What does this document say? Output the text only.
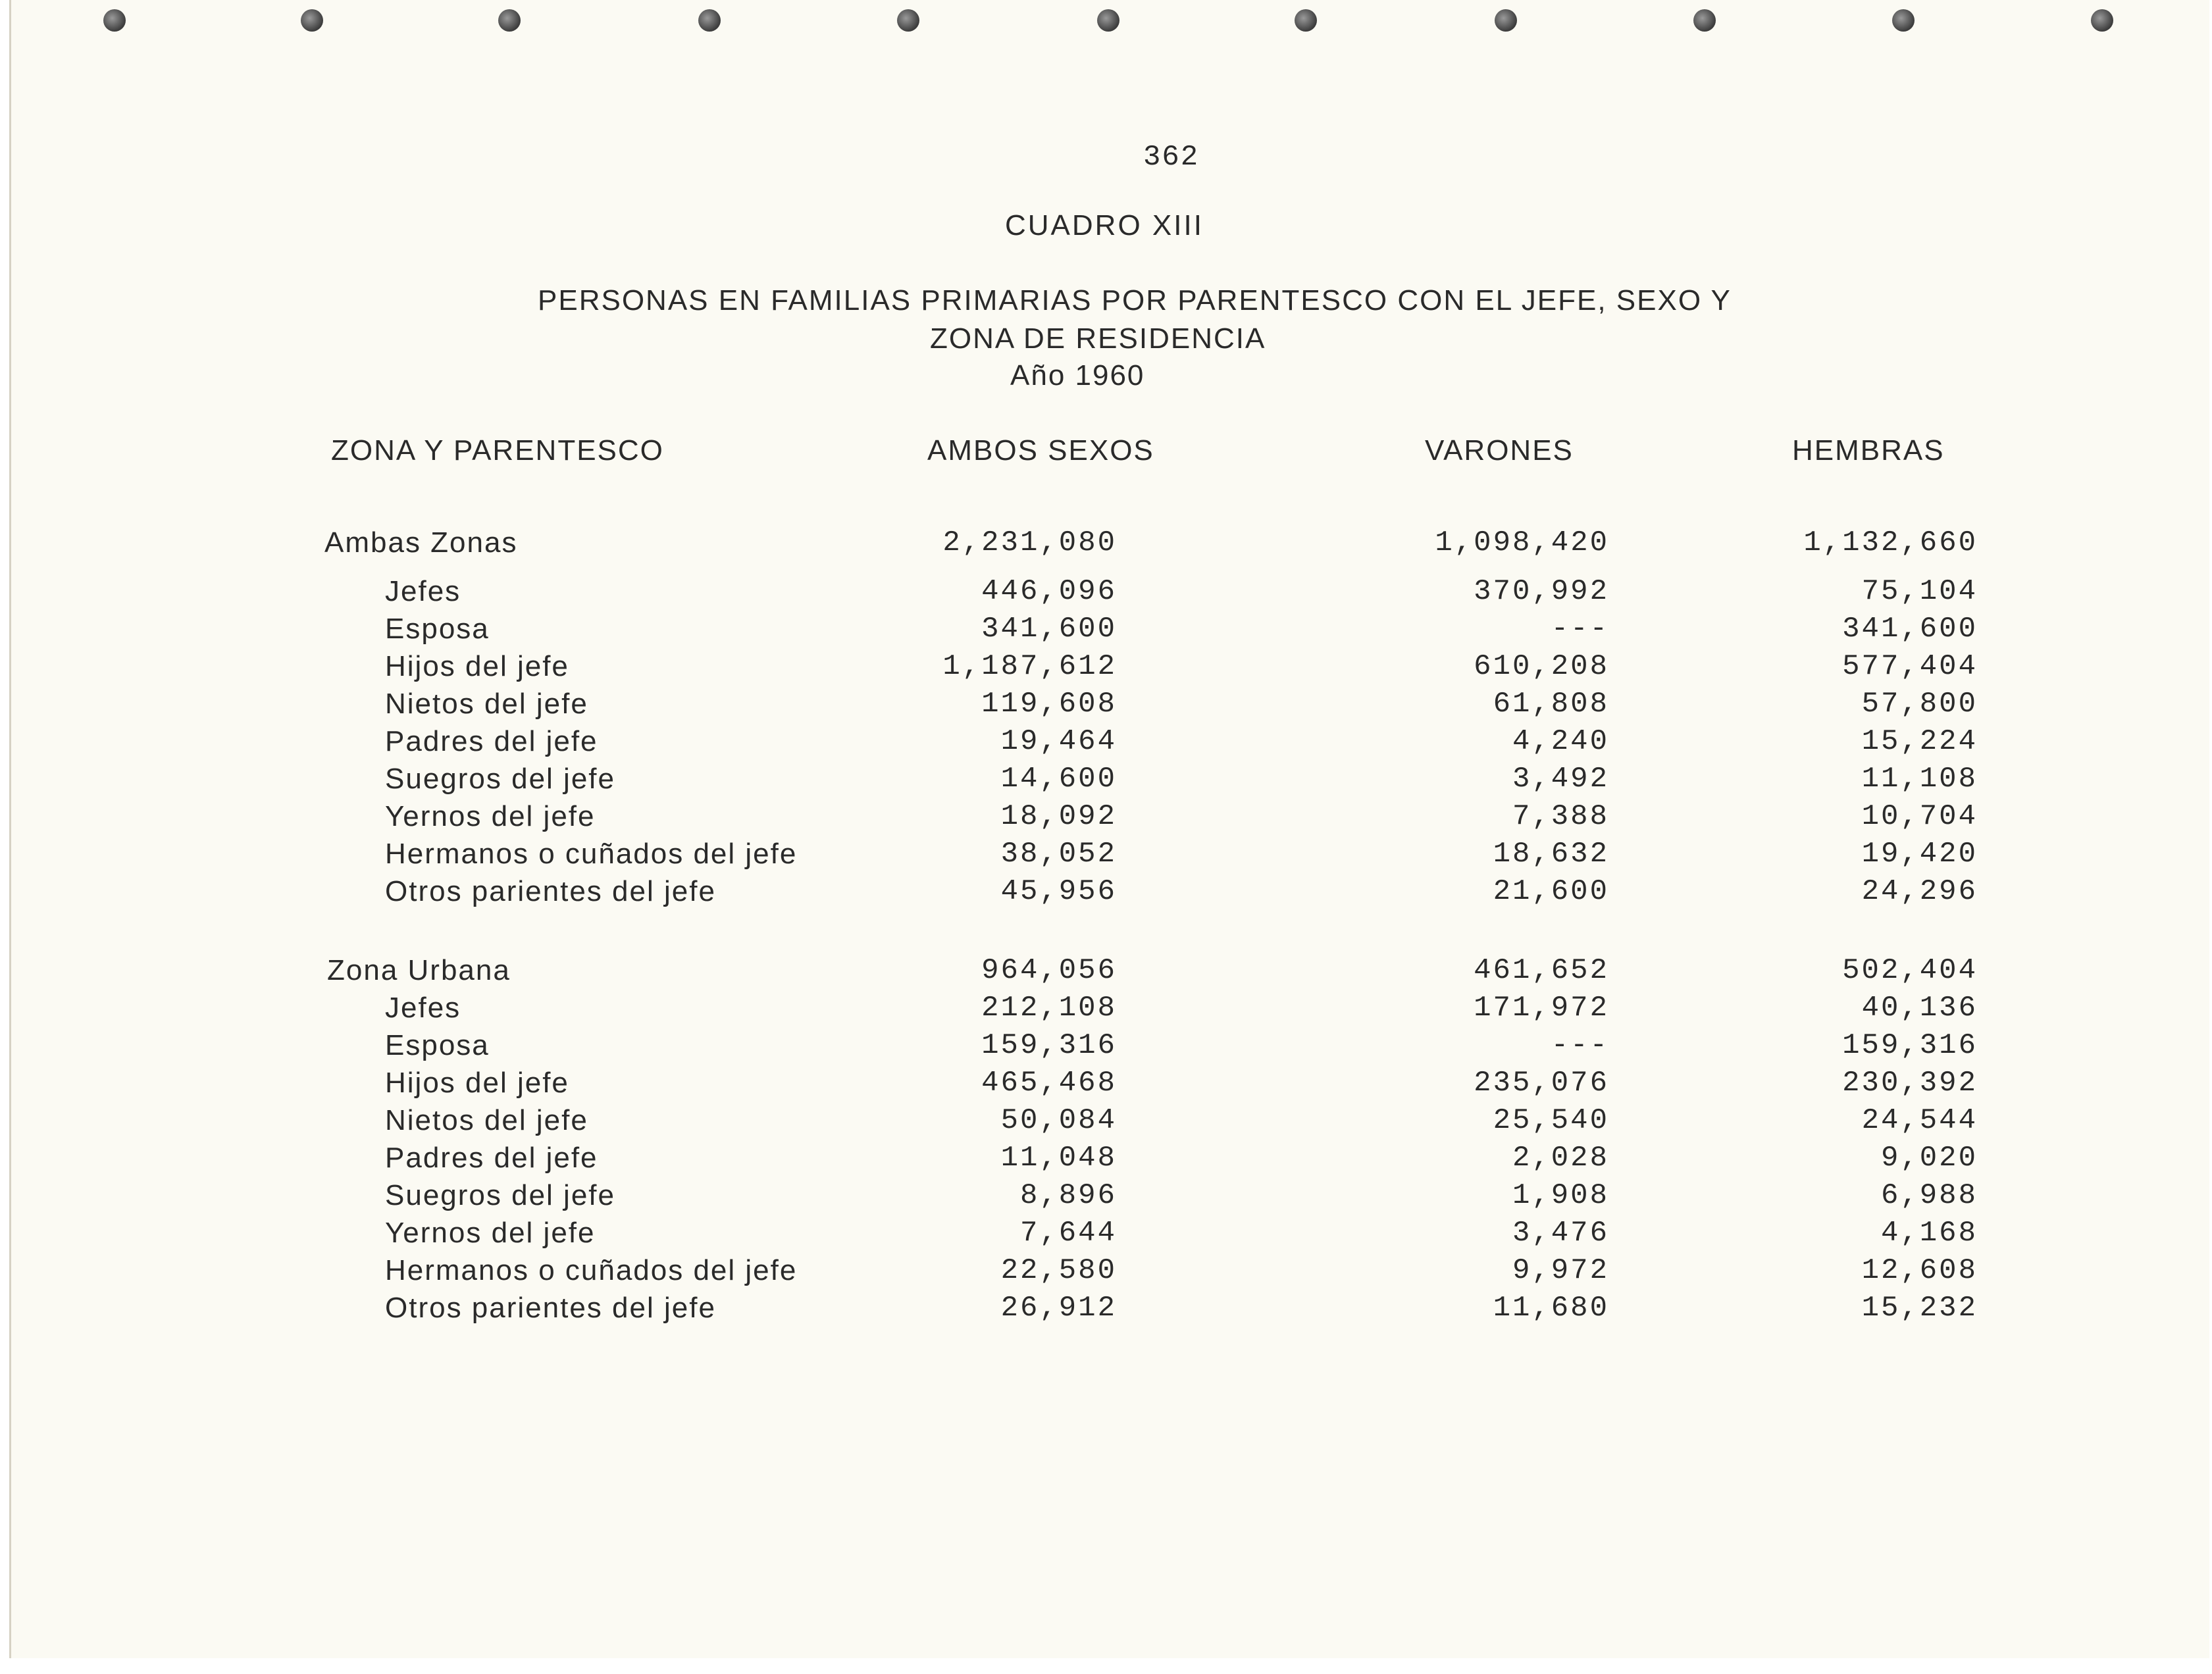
362
CUADRO XIII
PERSONAS EN FAMILIAS PRIMARIAS POR PARENTESCO CON EL JEFE, SEXO Y
ZONA DE RESIDENCIA
Año 1960
ZONA Y PARENTESCO	AMBOS SEXOS	VARONES	HEMBRAS
Ambas Zonas	2,231,080	1,098,420	1,132,660
Jefes	446,096	370,992	75,104
Esposa	341,600	---	341,600
Hijos del jefe	1,187,612	610,208	577,404
Nietos del jefe	119,608	61,808	57,800
Padres del jefe	19,464	4,240	15,224
Suegros del jefe	14,600	3,492	11,108
Yernos del jefe	18,092	7,388	10,704
Hermanos o cuñados del jefe	38,052	18,632	19,420
Otros parientes del jefe	45,956	21,600	24,296
Zona Urbana	964,056	461,652	502,404
Jefes	212,108	171,972	40,136
Esposa	159,316	---	159,316
Hijos del jefe	465,468	235,076	230,392
Nietos del jefe	50,084	25,540	24,544
Padres del jefe	11,048	2,028	9,020
Suegros del jefe	8,896	1,908	6,988
Yernos del jefe	7,644	3,476	4,168
Hermanos o cuñados del jefe	22,580	9,972	12,608
Otros parientes del jefe	26,912	11,680	15,232
